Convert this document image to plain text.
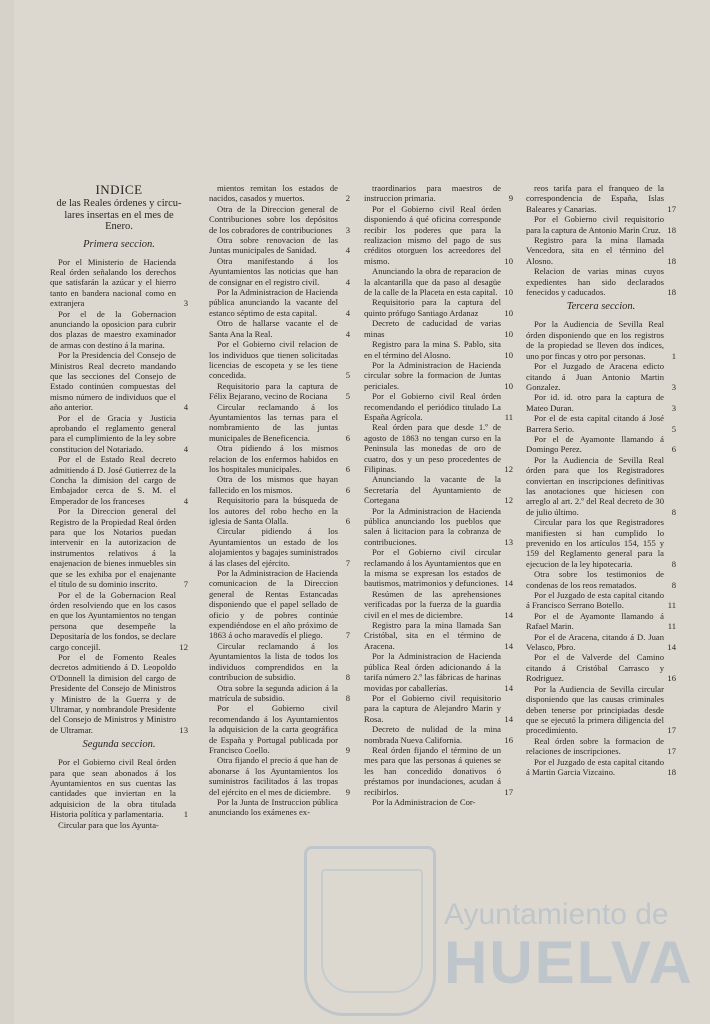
INDICE
de las Reales órdenes y circu-lares insertas en el mes de Enero.
Primera seccion.

Por el Ministerio de Hacienda Real órden señalando los derechos que satisfarán la azúcar y el hierro tanto en bandera nacional como en extranjera	3

Por el de la Gobernacion anunciando la oposicion para cubrir dos plazas de maestro examinador de armas con destino á la marina.

Por la Presidencia del Consejo de Ministros Real decreto mandando que las secciones del Consejo de Estado continúen compuestas del mismo número de individuos que el año anterior.	4

Por el de Gracia y Justicia aprobando el reglamento general para el cumplimiento de la ley sobre constitucion del Notariado.	4

Por el de Estado Real decreto admitiendo á D. José Gutierrez de la Concha la dimision del cargo de Embajador cerca de S. M. el Emperador de los franceses	4

Por la Direccion general del Registro de la Propiedad Real órden para que los Notarios puedan intervenir en la autorizacion de instrumentos relativos á la enajenacion de bienes inmuebles sin que se les exhiba por el enajenante el título de su dominio inscrito.	7

Por el de la Gobernacion Real órden resolviendo que en los casos en que los Ayuntamientos no tengan persona que desempeñe la Depositaría de los fondos, se declare cargo concejil.	12

Por el de Fomento Reales decretos admitiendo á D. Leopoldo O'Donnell la dimision del cargo de Presidente del Consejo de Ministros y Ministro de la Guerra y de Ultramar, y nombrandole Presidente del Consejo de Ministros y Ministro de Ultramar.	13

Segunda seccion.

Por el Gobierno civil Real órden para que sean abonados á los Ayuntamientos en sus cuentas las cantidades que inviertan en la adquisicion de la obra titulada Historia política y parlamentaria. 1

Circular para que los Ayunta-

mientos remitan los estados de nacidos, casados y muertos.	2

Otra de la Direccion general de Contribuciones sobre los depósitos de los cobradores de contribuciones 3

Otra sobre renovacion de las Juntas municipales de Sanidad.	4

Otra manifestando á los Ayuntamientos las noticias que han de consignar en el registro civil.	4

Por la Administracion de Hacienda pública anunciando la vacante del estanco séptimo de esta capital.	4

Otro de hallarse vacante el de Santa Ana la Real.	4

Por el Gobierno civil relacion de los individuos que tienen solicitadas licencias de escopeta y se les tiene concedida.	5

Requisitorio para la captura de Félix Bejarano, vecino de Rociana 5

Circular reclamando á los Ayuntamientos las ternas para el nombramiento de las juntas municipales de Beneficencia.	6

Otra pidiendo á los mismos relacion de los enfermos habidos en los hospitales municipales.	6

Otra de los mismos que hayan fallecido en los mismos.	6

Requisitorio para la búsqueda de los autores del robo hecho en la iglesia de Santa Olalla.	6

Circular pidiendo á los Ayuntamientos un estado de los alojamientos y bagajes suministrados á las clases del ejército.	7

Por la Administracion de Hacienda comunicacion de la Direccion general de Rentas Estancadas disponiendo que el papel sellado de oficio y de pobres continúe expendiéndose en el año próximo de 1863 á ocho maravedís el pliego.	7

Circular reclamando á los Ayuntamientos la lista de todos los individuos comprendidos en la contribucion de subsidio.	8

Otra sobre la segunda adicion á la matrícula de subsidio.	8

Por el Gobierno civil recomendando á los Ayuntamientos la adquisicion de la carta geográfica de España y Portugal publicada por Francisco Coello.	9

Otra fijando el precio á que han de abonarse á los Ayuntamientos los suministros facilitados á las tropas del ejército en el mes de diciembre. 9

Por la Junta de Instruccion pública anunciando los exámenes ex-

traordinarios para maestros de instruccion primaria.	9

Por el Gobierno civil Real órden disponiendo á qué oficina corresponde recibir los poderes que para la realizacion mismo del pago de sus créditos otorguen los acreedores del mismo.	10

Anunciando la obra de reparacion de la alcantarilla que da paso al desagüe de la calle de la Placeta en esta capital. 10

Requisitorio para la captura del quinto prófugo Santiago Ardanaz	10

Decreto de caducidad de varias minas	10

Registro para la mina S. Pablo, sita en el término del Alosno.	10

Por la Administracion de Hacienda circular sobre la formacion de Juntas periciales.	10

Por el Gobierno civil Real órden recomendando el periódico titulado La España Agrícola.	11

Real órden para que desde 1.º de agosto de 1863 no tengan curso en la Peninsula las monedas de oro de cuatro, dos y un peso procedentes de Filipinas.	12

Anunciando la vacante de la Secretaría del Ayuntamiento de Cortegana	12

Por la Administracion de Hacienda pública anunciando los pueblos que salen á licitacion para la cobranza de contribuciones.	13

Por el Gobierno civil circular reclamando á los Ayuntamientos que en la misma se expresan los estados de bautismos, matrimonios y defunciones. 14

Resúmen de las aprehensiones verificadas por la fuerza de la guardia civil en el mes de diciembre.	14

Registro para la mina llamada San Cristóbal, sita en el término de Aracena.	14

Por la Administracion de Hacienda pública Real órden adicionando á la tarifa número 2.º las fábricas de harinas movidas por caballerías.	14

Por el Gobierno civil requisitorio para la captura de Alejandro Marin y Rosa.	14

Decreto de nulidad de la mina nombrada Nueva California.	16

Real órden fijando el término de un mes para que las personas á quienes se les han concedido donativos ó préstamos por inundaciones, acudan á recibirlos.	17

Por la Administracion de Cor-

reos tarifa para el franqueo de la correspondencia de España, Islas Baleares y Canarias.	17

Por el Gobierno civil requisitorio para la captura de Antonio Marin Cruz. 18

Registro para la mina llamada Vencedora, sita en el término del Alosno.	18

Relacion de varias minas cuyos expedientes han sido declarados fenecidos y caducados.	18

Tercera seccion.

Por la Audiencia de Sevilla Real órden disponiendo que en los registros de la propiedad se lleven dos índices, uno por fincas y otro por personas.	1

Por el Juzgado de Aracena edicto citando á Juan Antonio Martin Gonzalez.	3

Por id. id. otro para la captura de Mateo Duran.	3

Por el de esta capital citando á José Barrera Serio.	5

Por el de Ayamonte llamando á Domingo Perez.	6

Por la Audiencia de Sevilla Real órden para que los Registradores conviertan en inscripciones definitivas las anotaciones que hiciesen con arreglo al art. 2.º del Real decreto de 30 de julio último.	8

Circular para los que Registradores manifiesten si han cumplido lo prevenido en los artículos 154, 155 y 159 del Reglamento general para la ejecucion de la ley hipotecaria.	8

Otra sobre los testimonios de condenas de los reos rematados.	8

Por el Juzgado de esta capital citando á Francisco Serrano Botello.	11

Por el de Ayamonte llamando á Rafael Marin.	11

Por el de Aracena, citando á D. Juan Velasco, Pbro.	14

Por el de Valverde del Camino citando á Cristóbal Carrasco y Rodriguez.	16

Por la Audiencia de Sevilla circular disponiendo que las causas criminales deben tenerse por principiadas desde que se ejecutó la primera diligencia del procedimiento.	17

Real órden sobre la formacion de relaciones de inscripciones.	17

Por el Juzgado de esta capital citando á Martin Garcia Vizcaino.	18

Ayuntamiento de
HUELVA
